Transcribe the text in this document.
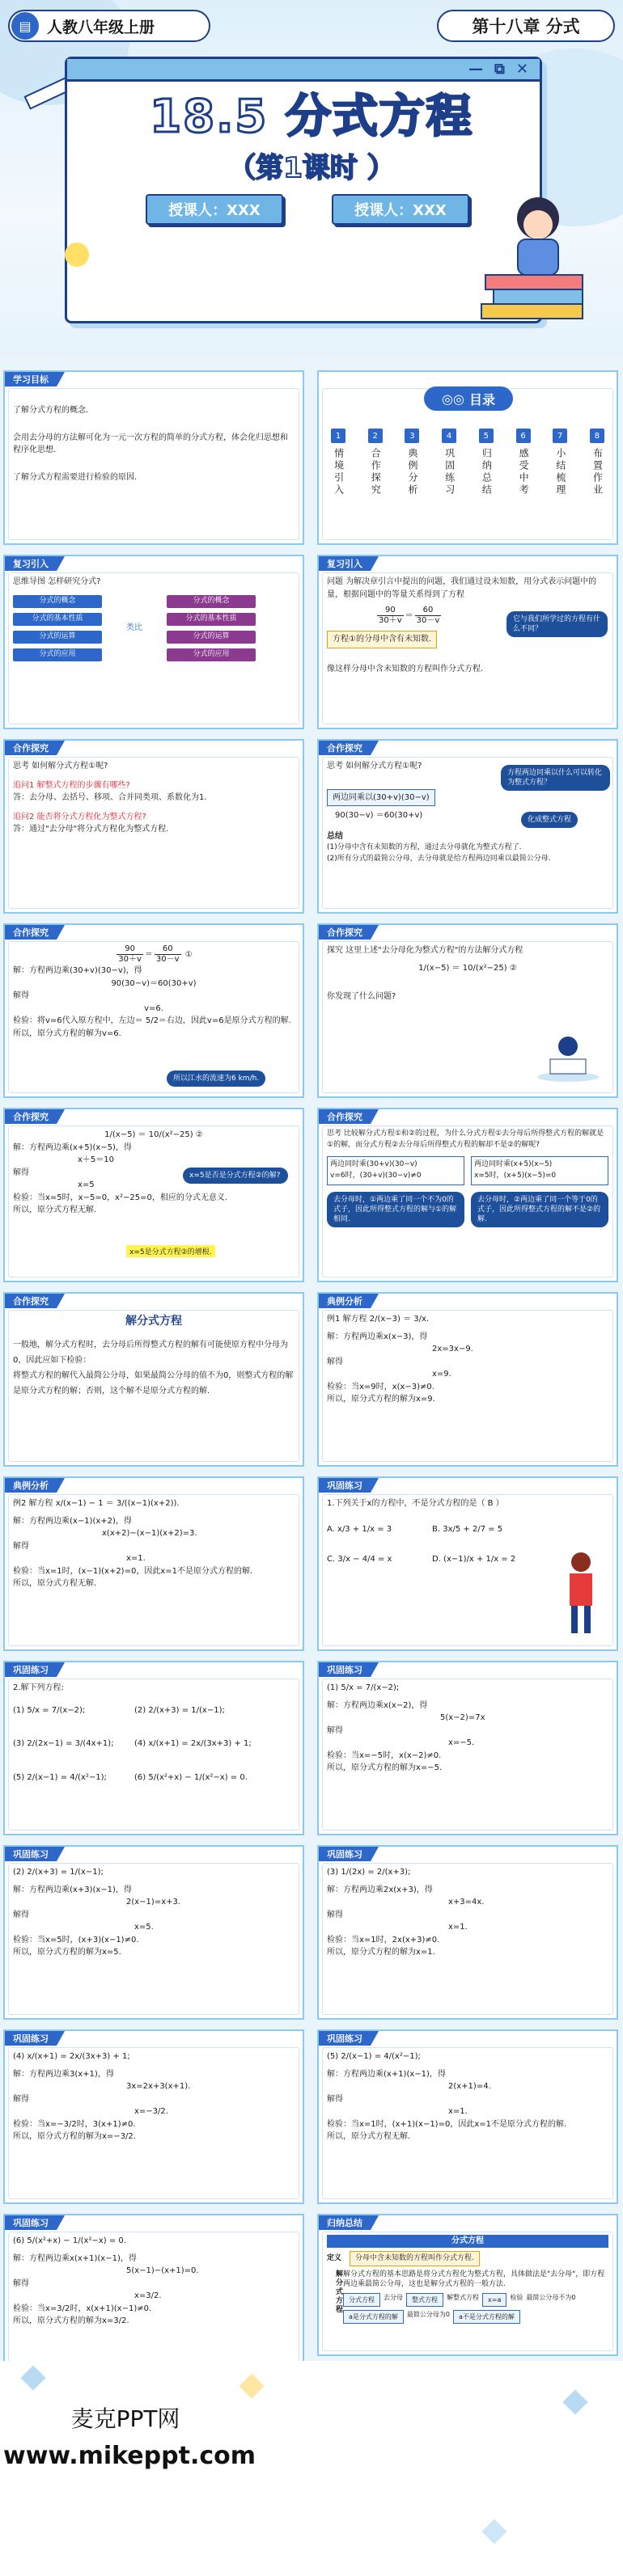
▤	人教八年级上册	第十八章 分式
— ⧉ ✕
18.5 分式方程
（第1课时 ）
授课人：XXX	授课人：XXX
学习目标

了解分式方程的概念.

会用去分母的方法解可化为一元一次方程的简单的分式方程，体会化归思想和程序化思想.

了解分式方程需要进行检验的原因.

◎◎ 目录
1
情境引入
2
合作探究
3
典例分析
4
巩固练习
5
归纳总结
6
感受中考
7
小结梳理
8
布置作业
复习引入

思维导图 怎样研究分式?

分式的概念
分式的基本性质
分式的运算
分式的应用
类比
分式的概念
分式的基本性质
分式的运算
分式的应用
复习引入

问题 为解决章引言中提出的问题，我们通过设未知数，用分式表示问题中的量，根据问题中的等量关系得到了方程

$\frac{90}{30+v} = \frac{60}{30-v}$

方程①的分母中含有未知数.

像这样分母中含未知数的方程叫作分式方程.

它与我们所学过的方程有什么不同？
合作探究

思考 如何解分式方程①呢?

追问1 解整式方程的步骤有哪些?

答：去分母、去括号、移项、合并同类项、系数化为1.

追问2 能否将分式方程化为整式方程?

答：通过"去分母"将分式方程化为整式方程.

合作探究

思考 如何解分式方程①呢?

两边同乘以(30+v)(30−v)

90(30−v) ＝60(30+v)

总结

(1)分母中含有未知数的方程，通过去分母就化为整式方程了.

(2)所有分式的最简公分母，去分母就是给方程两边同乘以最简公分母.

方程两边同乘以什么可以转化为整式方程？
化成整式方程
合作探究
$\frac{90}{30+v} = \frac{60}{30-v}$ ①

解：方程两边乘(30+v)(30−v)，得

90(30−v)＝60(30+v)

解得

v=6.

检验：将v=6代入原方程中，左边＝ 5/2＝右边，因此v=6是原分式方程的解.

所以，原分式方程的解为v=6.

所以江水的流速为6 km/h.
合作探究

探究 这里上述"去分母化为整式方程"的方法解分式方程

1/(x−5) ＝ 10/(x²−25) ②

你发现了什么问题?

合作探究

1/(x−5) ＝ 10/(x²−25) ②

解：方程两边乘(x+5)(x−5)，得

x＋5＝10

解得

x=5

检验：当x=5时，x−5=0，x²−25=0，相应的分式无意义.

所以，原分式方程无解.

x=5是否是分式方程②的解?
x=5是分式方程②的增根.
合作探究

思考 比较解分式方程①和②的过程，为什么分式方程①去分母后所得整式方程的解就是①的解，而分式方程②去分母后所得整式方程的解却不是②的解呢?

两边同时乘(30+v)(30−v)

v=6时，(30+v)(30−v)≠0

两边同时乘(x+5)(x−5)

x=5时，(x+5)(x−5)=0

去分母时，①两边乘了同一个不为0的式子，因此所得整式方程的解与①的解相同.
去分母时，②两边乘了同一个等于0的式子，因此所得整式方程的解不是②的解.
合作探究

解分式方程

一般地，解分式方程时，去分母后所得整式方程的解有可能使原方程中分母为0，因此应如下检验：

将整式方程的解代入最简公分母，如果最简公分母的值不为0，则整式方程的解是原分式方程的解；否则，这个解不是原分式方程的解.

典例分析

例1 解方程 2/(x−3) ＝ 3/x.

解：方程两边乘x(x−3)，得

2x=3x−9.

解得

x=9.

检验：当x=9时，x(x−3)≠0.

所以，原分式方程的解为x=9.

典例分析

例2 解方程 x/(x−1) − 1 ＝ 3/((x−1)(x+2)).

解：方程两边乘(x−1)(x+2)，得

x(x+2)−(x−1)(x+2)=3.

解得

x=1.

检验：当x=1时，(x−1)(x+2)=0，因此x=1不是原分式方程的解.

所以，原分式方程无解.

巩固练习

1.下列关于x的方程中，不是分式方程的是（ B ）

A. x/3 + 1/x = 3	B. 3x/5 + 2/7 = 5
C. 3/x − 4/4 = x	D. (x−1)/x + 1/x = 2
巩固练习

2.解下列方程:

(1) 5/x = 7/(x−2);	(2) 2/(x+3) = 1/(x−1);
(3) 2/(2x−1) = 3/(4x+1);	(4) x/(x+1) = 2x/(3x+3) + 1;
(5) 2/(x−1) = 4/(x²−1);	(6) 5/(x²+x) − 1/(x²−x) = 0.
巩固练习

(1) 5/x = 7/(x−2);

解：方程两边乘x(x−2)，得

5(x−2)=7x

解得

x=−5.

检验：当x=−5时，x(x−2)≠0.

所以，原分式方程的解为x=−5.

巩固练习

(2) 2/(x+3) = 1/(x−1);

解：方程两边乘(x+3)(x−1)，得

2(x−1)=x+3.

解得

x=5.

检验：当x=5时，(x+3)(x−1)≠0.

所以，原分式方程的解为x=5.

巩固练习

(3) 1/(2x) = 2/(x+3);

解：方程两边乘2x(x+3)，得

x+3=4x.

解得

x=1.

检验：当x=1时，2x(x+3)≠0.

所以，原分式方程的解为x=1.

巩固练习

(4) x/(x+1) = 2x/(3x+3) + 1;

解：方程两边乘3(x+1)，得

3x=2x+3(x+1).

解得

x=−3/2.

检验：当x=−3/2时，3(x+1)≠0.

所以，原分式方程的解为x=−3/2.

巩固练习

(5) 2/(x−1) = 4/(x²−1);

解：方程两边乘(x+1)(x−1)，得

2(x+1)=4.

解得

x=1.

检验：当x=1时，(x+1)(x−1)=0，因此x=1不是原分式方程的解.

所以，原分式方程无解.

巩固练习

(6) 5/(x²+x) − 1/(x²−x) = 0.

解：方程两边乘x(x+1)(x−1)，得

5(x−1)−(x+1)=0.

解得

x=3/2.

检验：当x=3/2时，x(x+1)(x−1)≠0.

所以，原分式方程的解为x=3/2.

归纳总结
分式方程

定义 分母中含未知数的方程叫作分式方程.

解分式方程 解分式方程的基本思路是将分式方程化为整式方程，具体做法是"去分母"，即方程两边乘最简公分母，这也是解分式方程的一般方法.

分式方程	去分母	整式方程	解整式方程	x=a	检验 最简公分母不为0
a是分式方程的解	最简公分母为0	a不是分式方程的解
麦克PPT网
www.mikeppt.com
